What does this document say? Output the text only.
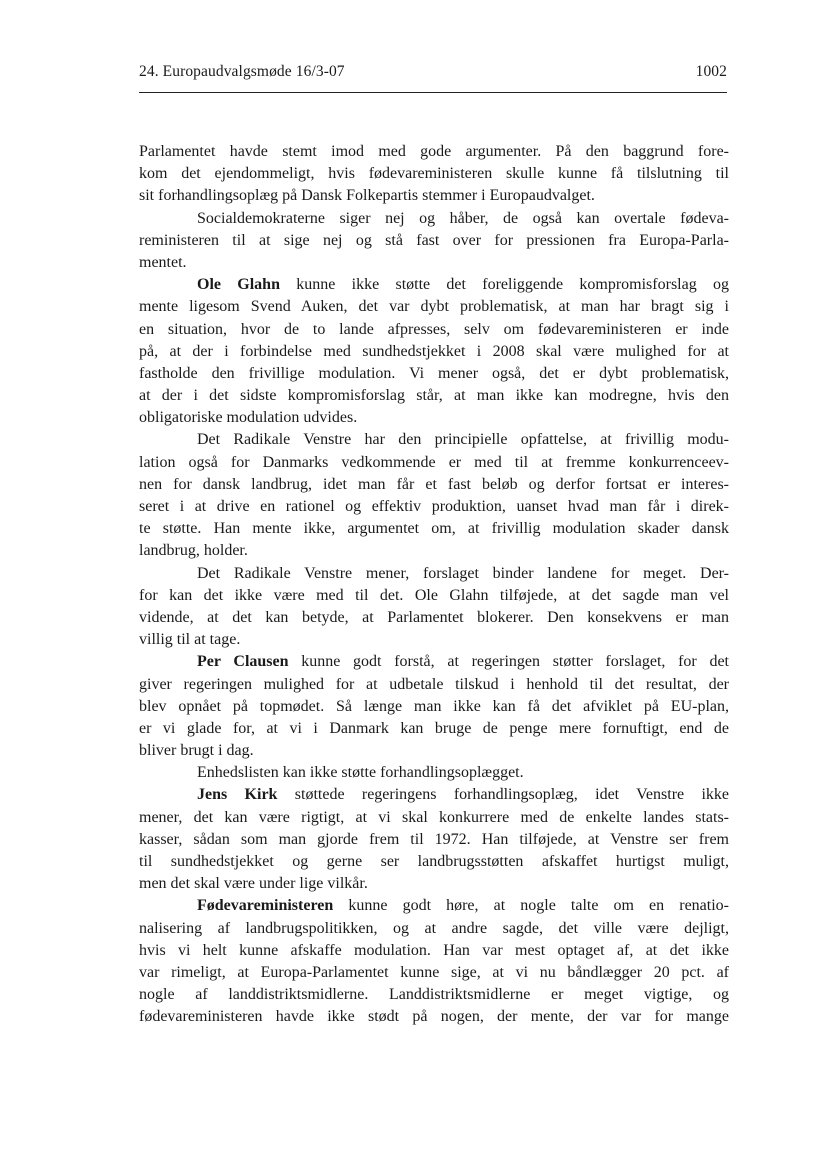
24. Europaudvalgsmøde 16/3-07	1002
Parlamentet havde stemt imod med gode argumenter. På den baggrund fore-
kom det ejendommeligt, hvis fødevareministeren skulle kunne få tilslutning til
sit forhandlingsoplæg på Dansk Folkepartis stemmer i Europaudvalget.
Socialdemokraterne siger nej og håber, de også kan overtale fødeva-
reministeren til at sige nej og stå fast over for pressionen fra Europa-Parla-
mentet.
Ole Glahn kunne ikke støtte det foreliggende kompromisforslag og
mente ligesom Svend Auken, det var dybt problematisk, at man har bragt sig i
en situation, hvor de to lande afpresses, selv om fødevareministeren er inde
på, at der i forbindelse med sundhedstjekket i 2008 skal være mulighed for at
fastholde den frivillige modulation. Vi mener også, det er dybt problematisk,
at der i det sidste kompromisforslag står, at man ikke kan modregne, hvis den
obligatoriske modulation udvides.
Det Radikale Venstre har den principielle opfattelse, at frivillig modu-
lation også for Danmarks vedkommende er med til at fremme konkurrenceev-
nen for dansk landbrug, idet man får et fast beløb og derfor fortsat er interes-
seret i at drive en rationel og effektiv produktion, uanset hvad man får i direk-
te støtte. Han mente ikke, argumentet om, at frivillig modulation skader dansk
landbrug, holder.
Det Radikale Venstre mener, forslaget binder landene for meget. Der-
for kan det ikke være med til det. Ole Glahn tilføjede, at det sagde man vel
vidende, at det kan betyde, at Parlamentet blokerer. Den konsekvens er man
villig til at tage.
Per Clausen kunne godt forstå, at regeringen støtter forslaget, for det
giver regeringen mulighed for at udbetale tilskud i henhold til det resultat, der
blev opnået på topmødet. Så længe man ikke kan få det afviklet på EU-plan,
er vi glade for, at vi i Danmark kan bruge de penge mere fornuftigt, end de
bliver brugt i dag.
Enhedslisten kan ikke støtte forhandlingsoplægget.
Jens Kirk støttede regeringens forhandlingsoplæg, idet Venstre ikke
mener, det kan være rigtigt, at vi skal konkurrere med de enkelte landes stats-
kasser, sådan som man gjorde frem til 1972. Han tilføjede, at Venstre ser frem
til sundhedstjekket og gerne ser landbrugsstøtten afskaffet hurtigst muligt,
men det skal være under lige vilkår.
Fødevareministeren kunne godt høre, at nogle talte om en renatio-
nalisering af landbrugspolitikken, og at andre sagde, det ville være dejligt,
hvis vi helt kunne afskaffe modulation. Han var mest optaget af, at det ikke
var rimeligt, at Europa-Parlamentet kunne sige, at vi nu båndlægger 20 pct. af
nogle af landdistriktsmidlerne. Landdistriktsmidlerne er meget vigtige, og
fødevareministeren havde ikke stødt på nogen, der mente, der var for mange
